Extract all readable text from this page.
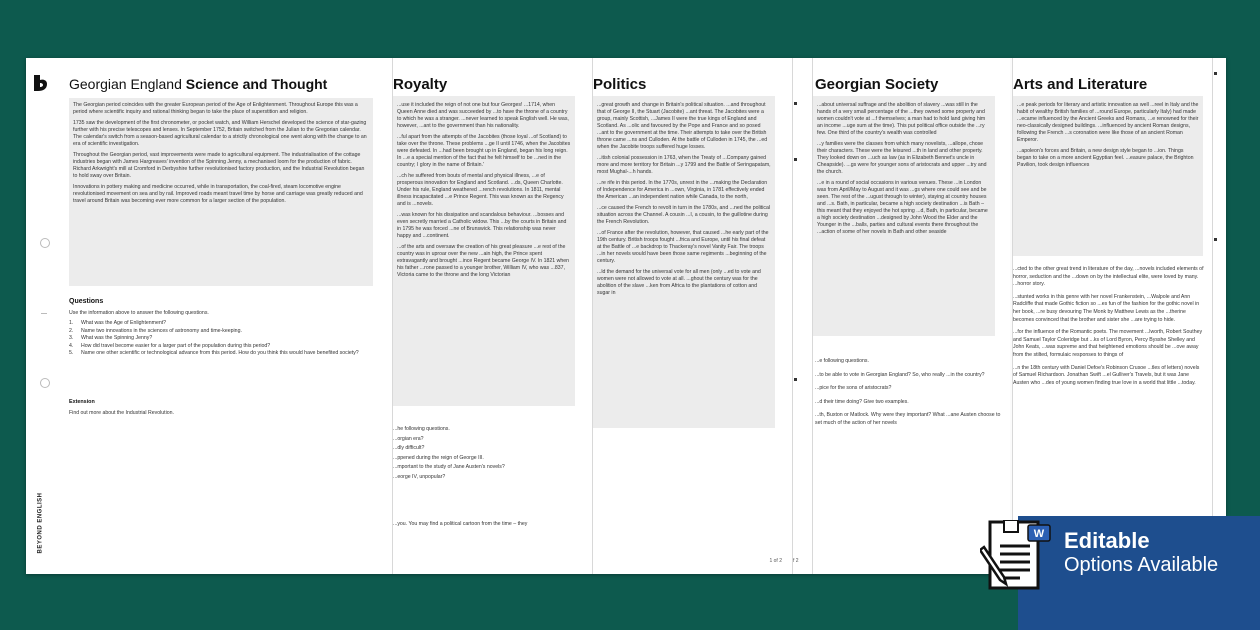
Georgian England Science and Thought

The Georgian period coincides with the greater European period of the Age of Enlightenment. Throughout Europe this was a period where scientific inquiry and rational thinking began to take the place of superstition and religion.

1735 saw the development of the first chronometer, or pocket watch, and William Herschel developed the science of star-gazing further with his precise telescopes and lenses. In September 1752, Britain switched from the Julian to the Gregorian calendar. The calendar's switch from a season-based agricultural calendar to a strictly chronological one went along with the change to an era of scientific investigation.

Throughout the Georgian period, vast improvements were made to agricultural equipment. The industrialisation of the cottage industries began with James Hargreaves' invention of the Spinning Jenny, a mechanised loom for the production of fabric. Richard Arkwright's mill at Cromford in Derbyshire further revolutionised factory production, and the Industrial Revolution began to hold sway over Britain.

Innovations in pottery making and medicine occurred, while in transportation, the coal-fired, steam locomotive engine revolutionised movement on sea and by rail. Improved roads meant travel time by horse and carriage was greatly reduced and travel around Britain was becoming ever more common for a larger section of the population.

Questions
Use the information above to answer the following questions.
1.	What was the Age of Enlightenment?
2.	Name two innovations in the sciences of astronomy and time-keeping.
3.	What was the Spinning Jenny?
4.	How did travel become easier for a larger part of the population during this period?
5.	Name one other scientific or technological advance from this period. How do you think this would have benefited society?
Extension
Find out more about the Industrial Revolution.
BEYOND ENGLISH
Royalty

...use it included the reign of not one but four Georges! ...1714, when Queen Anne died and was succeeded by ...to have the throne of a country to which he was a stranger. ...never learned to speak English well. He was, however, ...ant to the government than his nationality.

...ful apart from the attempts of the Jacobites (those loyal ...of Scotland) to take over the throne. These problems ...ge II until 1746, when the Jacobites were defeated. In ...had been brought up in England, began his long reign. In ...e a special mention of the fact that he felt himself to be ...ned in the country; I glory in the name of Britain.'

...ch he suffered from bouts of mental and physical illness, ...e of prosperous innovation for England and Scotland. ...ds, Queen Charlotte. Under his rule, England weathered ...rench revolutions. In 1811, mental illness incapacitated ...e Prince Regent. This was known as the Regency and is ...novels.

...was known for his dissipation and scandalous behaviour. ...bosses and even secretly married a Catholic widow. This ...by the courts in Britain and in 1795 he was forced ...ne of Brunswick. This relationship was never happy and ...continent.

...of the arts and oversaw the creation of his great pleasure ...e rest of the country was in uproar over the new ...ain high, the Prince spent extravagantly and brought ...ince Regent became George IV. In 1821 when his father ...rone passed to a younger brother, William IV, who was ...837, Victoria came to the throne and the long Victorian

...he following questions.
...orgian era?
...dly difficult?
...ppened during the reign of George III.
...mportant to the study of Jane Austen's novels?
...eorge IV, unpopular?
...you. You may find a political cartoon from the time – they
Politics

...great growth and change in Britain's political situation. ...and throughout that of George II, the Stuart (Jacobite) ...ant threat. The Jacobites were a group, mainly Scottish, ...James II were the true kings of England and Scotland. As ...olic and favoured by the Pope and France and so posed ...ant to the government at the time. Their attempts to take over the British throne came ...ns and Culloden. At the battle of Culloden in 1745, the ...ed when the Jacobite troops suffered huge losses.

...itish colonial possession in 1763, when the Treaty of ...Company gained more and more territory for Britain ...y 1799 and the Battle of Seringapatam, most Mughal-...h hands.

...re rife in this period. In the 1770s, unrest in the ...making the Declaration of Independence for America in ...own, Virginia, in 1781 effectively ended the American ...an independent nation while Canada, to the north,

...ce caused the French to revolt in turn in the 1780s, and ...ned the political situation across the Channel. A cousin ...I, a cousin, to the guillotine during the French Revolution.

...of France after the revolution, however, that caused ...he early part of the 19th century. British troops fought ...frica and Europe, until his final defeat at the Battle of ...e backdrop to Thackeray's novel Vanity Fair. The troops ...in her novels would have been those same regiments ...beginning of the century.

...ld the demand for the universal vote for all men (only ...ed to vote and women were not allowed to vote at all. ...ghout the century was for the abolition of the slave ...ken from Africa to the plantations of cotton and sugar in

1 of 2 f 2
Georgian Society

...about universal suffrage and the abolition of slavery ...was still in the hands of a very small percentage of the ...they owned some property and women couldn't vote at ...f themselves; a man had to hold land giving him an income ...uge sum at the time). This put political office outside the ...ry few. One third of the country's wealth was controlled

...y families were the classes from which many novelists, ...allope, chose their characters. These were the leisured ...th in land and other property. They looked down on ...uch as law (as in Elizabeth Bennet's uncle in Cheapside). ...gs were for younger sons of aristocrats and upper ...try and the church.

...e in a round of social occasions in various venues. These ...in London was from April/May to August and it was ...gs where one could see and be seen. The rest of the ...ugust through to winter), staying at country houses and ...s. Bath, in particular, became a high society destination ...is Bath – this meant that they enjoyed the hot spring ...d, Bath, in particular, became a high society destination ...designed by John Wood the Elder and the Younger in the ...balls, parties and cultural events there throughout the ...action of some of her novels in Bath and other seaside

...e following questions.
...to be able to vote in Georgian England? So, who really ...in the country?
...pice for the sons of aristocrats?
...d their time doing? Give two examples.
...th, Buxton or Matlock. Why were they important? What ...ane Austen choose to set much of the action of her novels
Arts and Literature

...e peak periods for literary and artistic innovation as well ...reel in Italy and the habit of wealthy British families of ...round Europe, particularly Italy) had made ...ecame influenced by the Ancient Greeks and Romans, ...e renowned for their neo-classically designed buildings. ...influenced by ancient Roman designs, following the French ...s coronation were like those of an ancient Roman Emperor.

...apoleon's forces and Britain, a new design style began to ...ion. Things began to take on a more ancient Egyptian feel. ...easure palace, the Brighton Pavilion, took design influences

...cted to the other great trend in literature of the day, ...novels included elements of horror, seduction and the ...down on by the intellectual elite, were loved by many. ...horror story.
...stunted works in this genre with her novel Frankenstein, ...Walpole and Ann Radcliffe that made Gothic fiction so ...es fun of the fashion for the gothic novel in her book, ...re busy devouring The Monk by Matthew Lewis as the ...therine becomes convinced that the brother and sister she ...are trying to hide.
...for the influence of the Romantic poets. The movement ...lworth, Robert Southey and Samuel Taylor Coleridge but ...ks of Lord Byron, Percy Bysshe Shelley and John Keats, ...was supreme and that heightened emotions should be ...ove away from the stilted, formulaic responses to things of
...n the 18th century with Daniel Defoe's Robinson Crusoe ...tles of letters) novels of Samuel Richardson. Jonathan Swift ...el Gulliver's Travels, but it was Jane Austen who ...des of young women finding true love in a world that little ...today.
Editable
Options Available
W
